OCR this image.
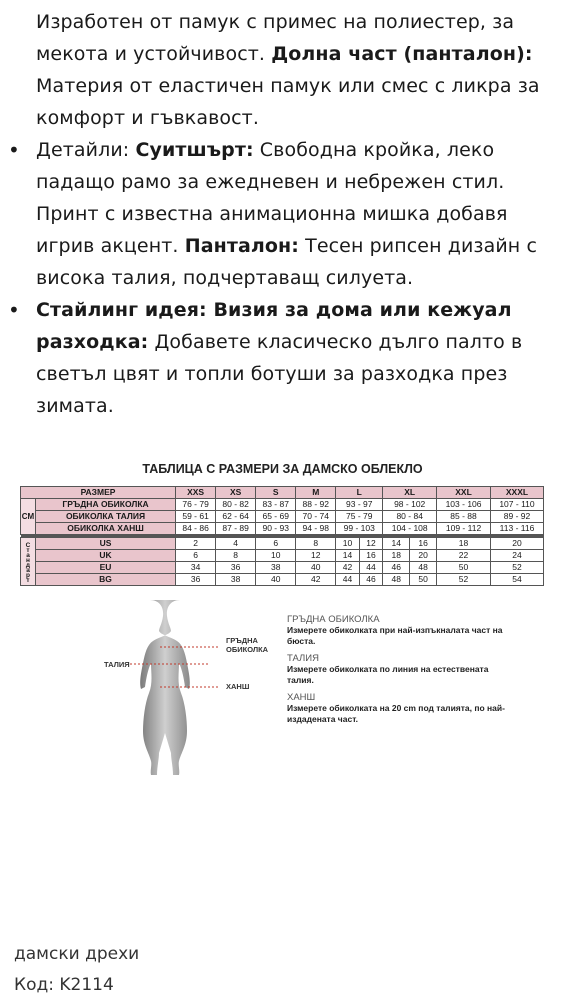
Изработен от памук с примес на полиестер, за мекота и устойчивост. Долна част (панталон): Материя от еластичен памук или смес с ликра за комфорт и гъвкавост.

• Детайли: Суитшърт: Свободна кройка, леко падащо рамо за ежедневен и небрежен стил. Принт с известна анимационна мишка добавя игрив акцент. Панталон: Тесен рипсен дизайн с висока талия, подчертаващ силуета.

• Стайлинг идея: Визия за дома или кежуал разходка: Добавете класическо дълго палто в светъл цвят и топли ботуши за разходка през зимата.

ТАБЛИЦА С РАЗМЕРИ ЗА ДАМСКО ОБЛЕКЛО
РАЗМЕР		XXS	XS	S	M	L		XL		XXL	XXXL
CM	ГРЪДНА ОБИКОЛКА	76 - 79	80 - 82	83 - 87	88 - 92	93 - 97		98 - 102		103 - 106	107 - 110
	ОБИКОЛКА ТАЛИЯ	59 - 61	62 - 64	65 - 69	70 - 74	75 - 79		80 - 84		85 - 88	89 - 92
	ОБИКОЛКА ХАНШ	84 - 86	87 - 89	90 - 93	94 - 98	99 - 103		104 - 108		109 - 112	113 - 116

Стандарт	US	2	4	6	8	10	12	14	16	18	20
	UK	6	8	10	12	14	16	18	20	22	24
	EU	34	36	38	40	42	44	46	48	50	52
	BG	36	38	40	42	44	46	48	50	52	54
ГРЪДНА ОБИКОЛКА
ТАЛИЯ
ХАНШ
ГРЪДНА ОБИКОЛКА
Измерете обиколката при най-изпъкналата част на бюста.
ТАЛИЯ
Измерете обиколката по линия на естествената талия.
ХАНШ
Измерете обиколката на 20 cm под талията, по най-издадената част.
дамски дрехи
Код: K2114
